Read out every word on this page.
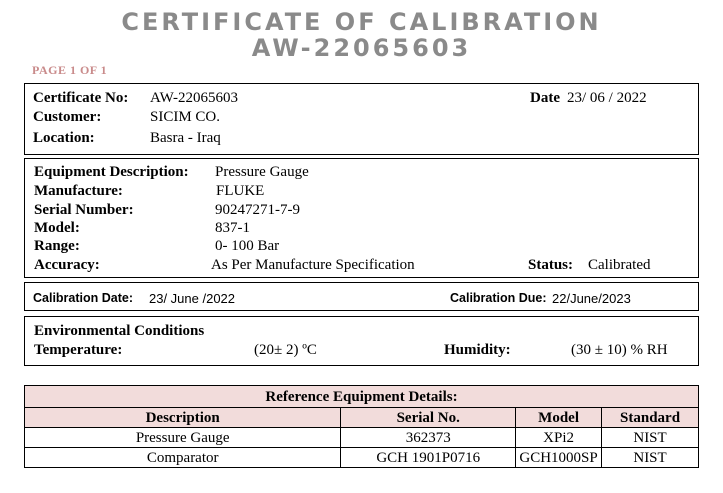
CERTIFICATE OF CALIBRATION
AW-22065603
PAGE 1 OF 1
Certificate No: AW-22065603	Date 23/ 06 / 2022
Customer:	SICIM CO.
Location:	Basra - Iraq
Equipment Description: Pressure Gauge
Manufacture:	FLUKE
Serial Number:	90247271-7-9
Model:	837-1
Range:	0- 100 Bar
Accuracy:	As Per Manufacture Specification	Status: Calibrated
Calibration Date: 23/ June /2022	Calibration Due: 22/June/2023
Environmental Conditions
Temperature:	(20± 2) ºC	Humidity:	(30 ± 10) % RH
Reference Equipment Details:			
Description	Serial No.	Model	Standard
Pressure Gauge	362373	XPi2	NIST
Comparator	GCH 1901P0716	GCH1000SP	NIST
